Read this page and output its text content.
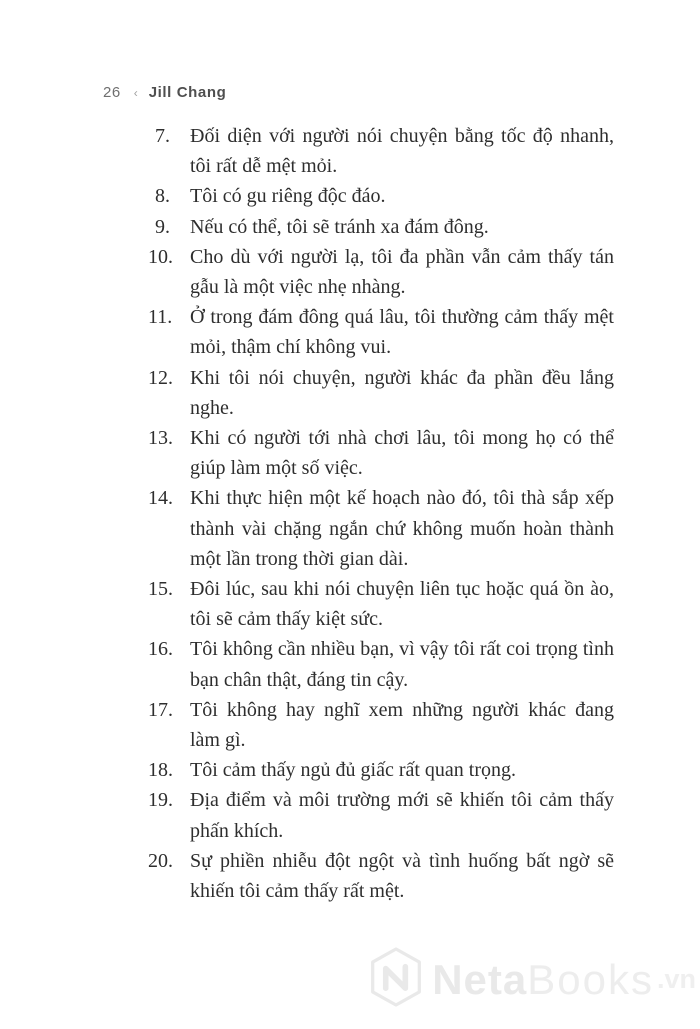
26 ‹ Jill Chang
7.	Đối diện với người nói chuyện bằng tốc độ nhanh, tôi rất dễ mệt mỏi.
8.	Tôi có gu riêng độc đáo.
9.	Nếu có thể, tôi sẽ tránh xa đám đông.
10. Cho dù với người lạ, tôi đa phần vẫn cảm thấy tán gẫu là một việc nhẹ nhàng.
11. Ở trong đám đông quá lâu, tôi thường cảm thấy mệt mỏi, thậm chí không vui.
12. Khi tôi nói chuyện, người khác đa phần đều lắng nghe.
13. Khi có người tới nhà chơi lâu, tôi mong họ có thể giúp làm một số việc.
14. Khi thực hiện một kế hoạch nào đó, tôi thà sắp xếp thành vài chặng ngắn chứ không muốn hoàn thành một lần trong thời gian dài.
15. Đôi lúc, sau khi nói chuyện liên tục hoặc quá ồn ào, tôi sẽ cảm thấy kiệt sức.
16. Tôi không cần nhiều bạn, vì vậy tôi rất coi trọng tình bạn chân thật, đáng tin cậy.
17. Tôi không hay nghĩ xem những người khác đang làm gì.
18. Tôi cảm thấy ngủ đủ giấc rất quan trọng.
19. Địa điểm và môi trường mới sẽ khiến tôi cảm thấy phấn khích.
20. Sự phiền nhiễu đột ngột và tình huống bất ngờ sẽ khiến tôi cảm thấy rất mệt.
Neta Books .vn
